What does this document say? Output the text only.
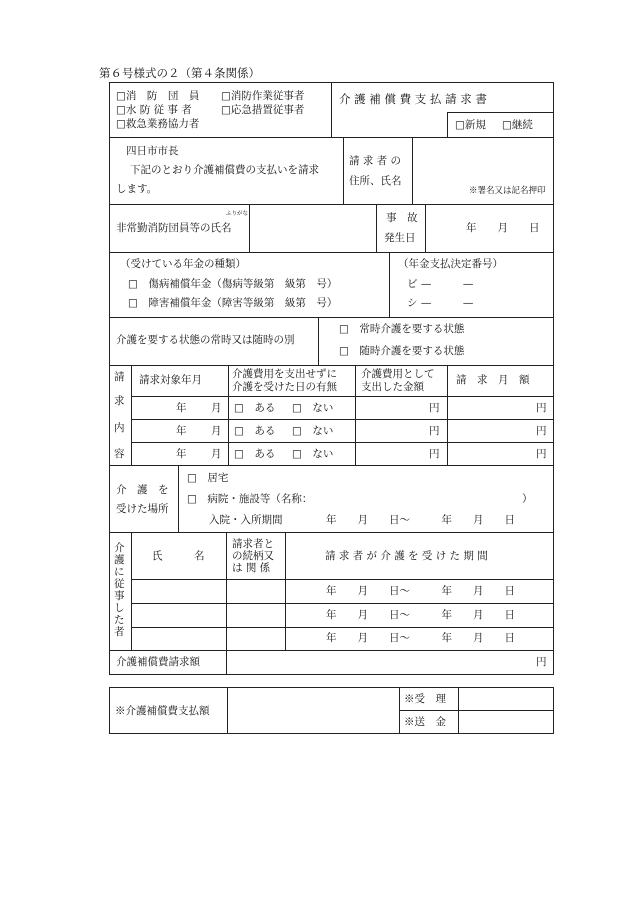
第６号様式の２（第４条関係）
□消　防　団　員
□水 防 従 事 者
□救急業務協力者
□消防作業従事者
□応急措置従事者
介 護 補 償 費 支 払 請 求 書
□新規 □継続
四日市市長
下記のとおり介護補償費の支払いを請求
します。
請 求 者 の
住所、氏名
※署名又は記名押印
ふりがな
非常勤消防団員等の氏名
事　故
発生日
年　　月　　日
（受けている年金の種類）
□　傷病補償年金（傷病等級第　級第　号）
□　障害補償年金（障害等級第　級第　号）
（年金支払決定番号）
ビ —　　　—
シ —　　　—
介護を要する状態の常時又は随時の別
□　常時介護を要する状態
□　随時介護を要する状態
請
求
内
容
請求対象年月	介護費用を支出せずに
介護を受けた日の有無
介護費用として
支出した金額
請　求　月　額
年 月 □　ある □　ない	円	円
年 月 □　ある □　ない	円	円
年 月 □　ある □　ない	円	円
介　護　を
受けた場所
□　居宅
□　病院・施設等（名称：	）
入院・入所期間	年　　月　　日〜　　　年　　月　　日
介
護
に
従
事
し
た
者
氏　　　名
請求者と
の続柄又
は 関 係
請 求 者 が 介 護 を 受 け た 期 間
年　　月　　日〜　　　年　　月　　日
年　　月　　日〜　　　年　　月　　日
年　　月　　日〜　　　年　　月　　日
介護補償費請求額	円
※介護補償費支払額
※受　理
※送　金
